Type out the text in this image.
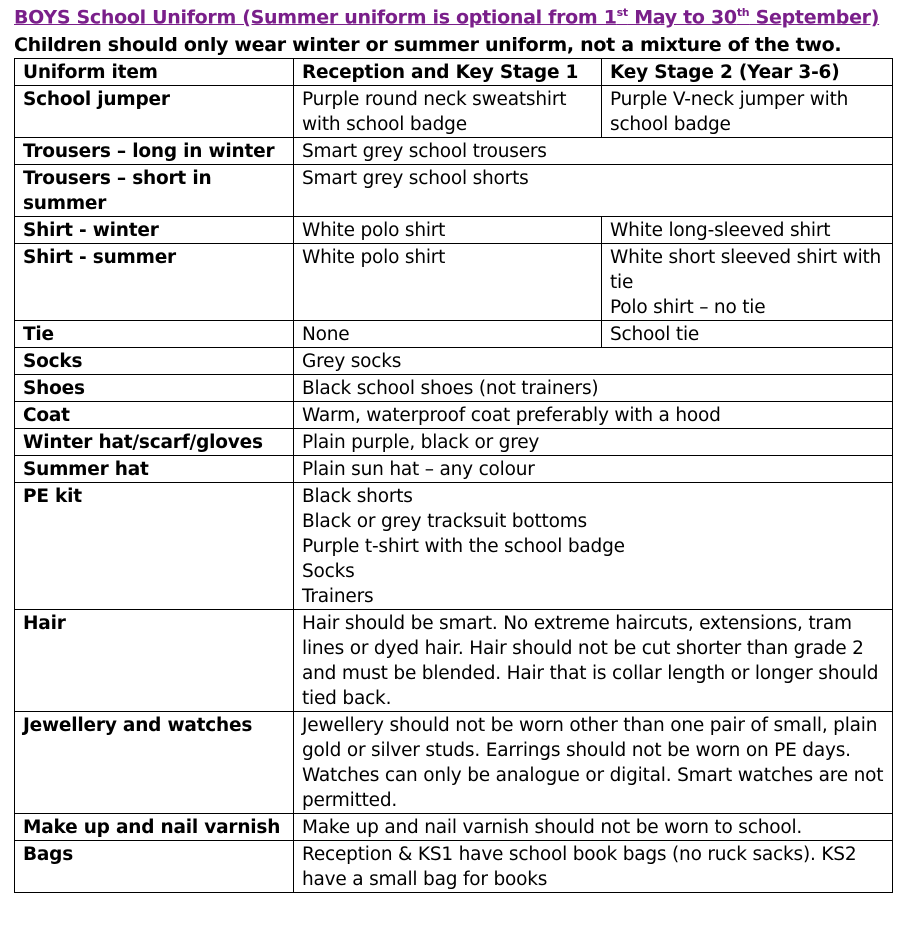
BOYS School Uniform (Summer uniform is optional from 1st May to 30th September)
Children should only wear winter or summer uniform, not a mixture of the two.
Uniform item	Reception and Key Stage 1	Key Stage 2 (Year 3-6)
School jumper	Purple round neck sweatshirt with school badge	Purple V-neck jumper with school badge
Trousers – long in winter	Smart grey school trousers	
Trousers – short in summer	Smart grey school shorts	
Shirt - winter	White polo shirt	White long-sleeved shirt
Shirt - summer	White polo shirt	White short sleeved shirt with tie
Polo shirt – no tie
Tie	None	School tie
Socks	Grey socks	
Shoes	Black school shoes (not trainers)	
Coat	Warm, waterproof coat preferably with a hood	
Winter hat/scarf/gloves	Plain purple, black or grey	
Summer hat	Plain sun hat – any colour	
PE kit	Black shorts
Black or grey tracksuit bottoms
Purple t-shirt with the school badge
Socks
Trainers	
Hair	Hair should be smart. No extreme haircuts, extensions, tram lines or dyed hair. Hair should not be cut shorter than grade 2 and must be blended. Hair that is collar length or longer should tied back.	
Jewellery and watches	Jewellery should not be worn other than one pair of small, plain gold or silver studs. Earrings should not be worn on PE days.
Watches can only be analogue or digital. Smart watches are not permitted.	
Make up and nail varnish	Make up and nail varnish should not be worn to school.	
Bags	Reception & KS1 have school book bags (no ruck sacks). KS2 have a small bag for books	
